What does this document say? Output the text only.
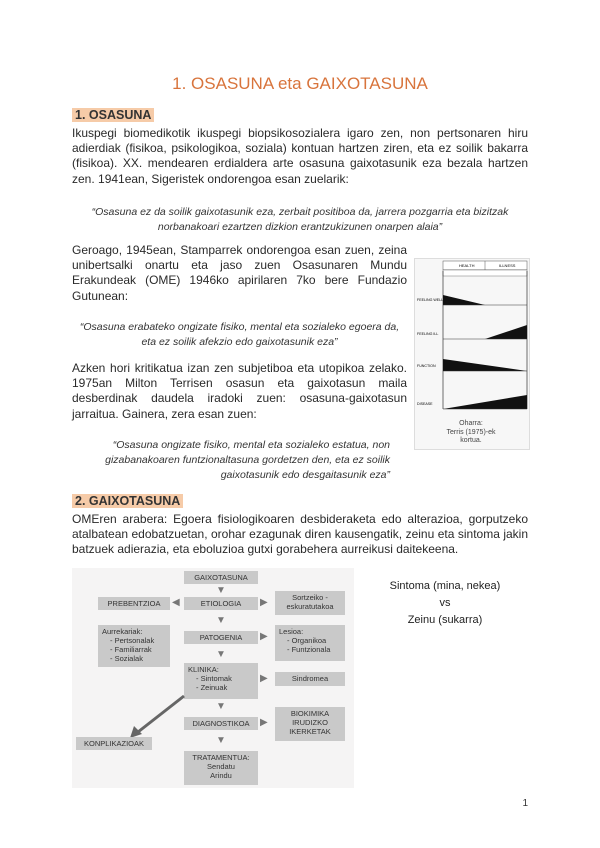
1. OSASUNA eta GAIXOTASUNA
1. OSASUNA
Ikuspegi biomedikotik ikuspegi biopsikosozialera igaro zen, non pertsonaren hiru adierdiak (fisikoa, psikologikoa, soziala) kontuan hartzen ziren, eta ez soilik bakarra (fisikoa). XX. mendearen erdialdera arte osasuna gaixotasunik eza bezala hartzen zen. 1941ean, Sigeristek ondorengoa esan zuelarik:
“Osasuna ez da soilik gaixotasunik eza, zerbait positiboa da, jarrera pozgarria eta bizitzak
norbanakoari ezartzen dizkion erantzukizunen onarpen alaia”
Geroago, 1945ean, Stamparrek ondorengoa esan zuen, zeina unibertsalki onartu eta jaso zuen Osasunaren Mundu Erakundeak (OME) 1946ko apirilaren 7ko bere Fundazio Gutunean:
“Osasuna erabateko ongizate fisiko, mental eta sozialeko egoera da,
eta ez soilik afekzio edo gaixotasunik eza”
Azken hori kritikatua izan zen subjetiboa eta utopikoa zelako. 1975an Milton Terrisen osasun eta gaixotasun maila desberdinak daudela iradoki zuen: osasuna-gaixotasun jarraitua. Gainera, zera esan zuen:
“Osasuna ongizate fisiko, mental eta sozialeko estatua, non
gizabanakoaren funtzionaltasuna gordetzen den, eta ez soilik
gaixotasunik edo desgaitasunik eza”
HEALTH	ILLNESS
FEELING WELL
FEELING ILL
FUNCTION
DISEASE
Oharra:
Terris (1975)-ek
kortua.
2. GAIXOTASUNA
OMEren arabera: Egoera fisiologikoaren desbideraketa edo alterazioa, gorputzeko atalbatean edobatzuetan, orohar ezagunak diren kausengatik, zeinu eta sintoma jakin batzuek adierazia, eta eboluzioa gutxi gorabehera aurreikusi daitekeena.
GAIXOTASUNA
▼
PREBENTZIOA	◀	ETIOLOGIA	▶	Sortzeiko - eskuratutakoa
▼
Aurrekariak:
- Pertsonalak
- Familiarrak
- Sozialak
PATOGENIA	▶ Lesioa:
- Organikoa
- Funtzionala
▼
KLINIKA:
- Sintomak
- Zeinuak
▶	Sindromea
▼
DIAGNOSTIKOA	▶
BIOKIMIKA IRUDIZKO IKERKETAK
KONPLIKAZIOAK	▼
TRATAMENTUA:
Sendatu
Arindu
Sintoma (mina, nekea)
vs
Zeinu (sukarra)
1
